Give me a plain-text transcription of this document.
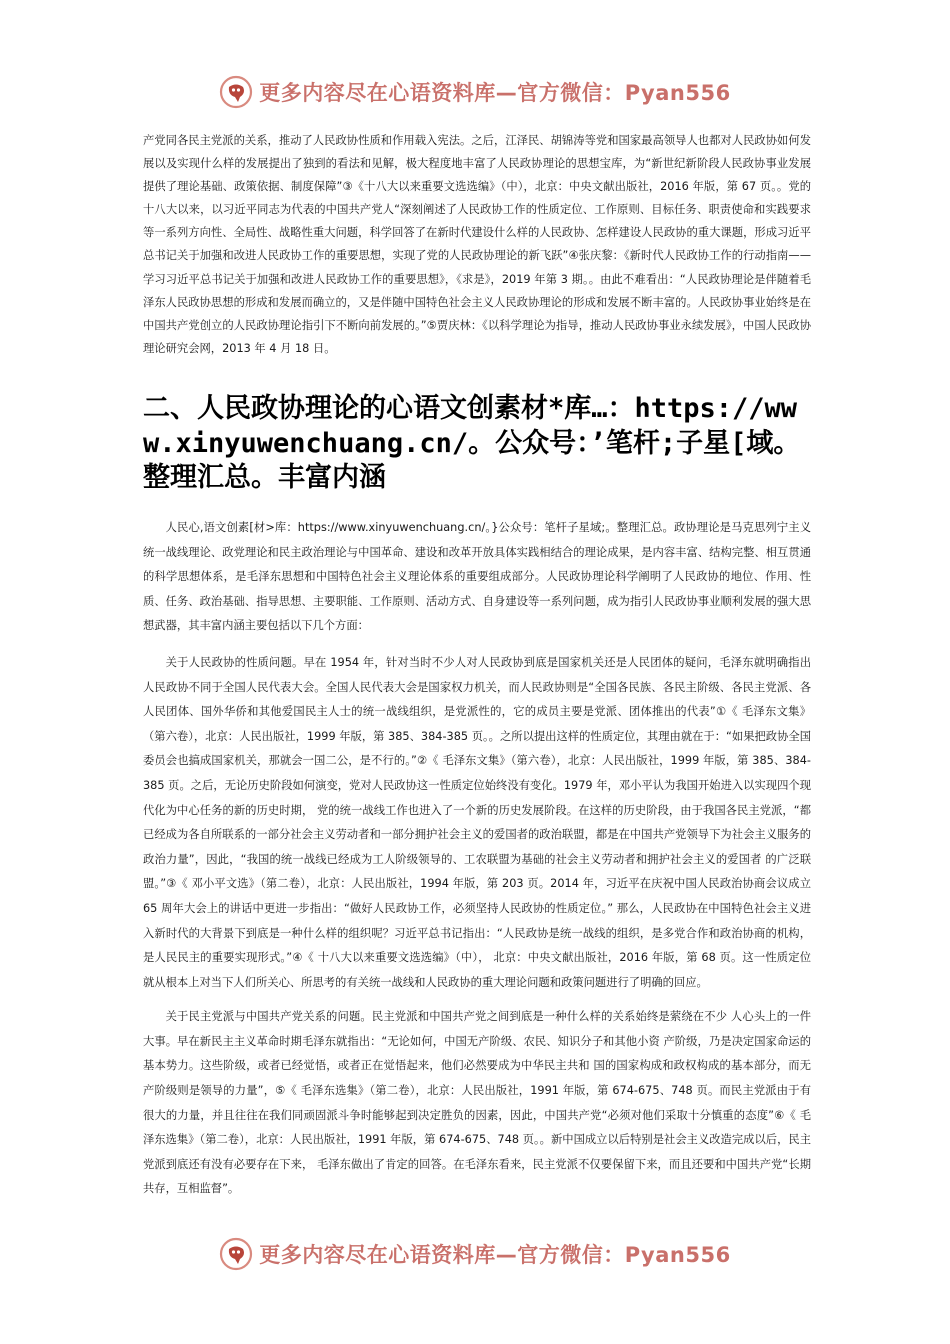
更多内容尽在心语资料库—官方微信：Pyan556

产党同各民主党派的关系，推动了人民政协性质和作用载入宪法。之后，江泽民、胡锦涛等党和国家最高领导人也都对人民政协如何发展以及实现什么样的发展提出了独到的看法和见解，极大程度地丰富了人民政协理论的思想宝库，为“新世纪新阶段人民政协事业发展提供了理论基础、政策依据、制度保障”③《十八大以来重要文选选编》（中），北京：中央文献出版社，2016 年版，第 67 页。。党的十八大以来，以习近平同志为代表的中国共产党人“深刻阐述了人民政协工作的性质定位、工作原则、目标任务、职责使命和实践要求等一系列方向性、全局性、战略性重大问题，科学回答了在新时代建设什么样的人民政协、怎样建设人民政协的重大课题，形成习近平总书记关于加强和改进人民政协工作的重要思想，实现了党的人民政协理论的新飞跃”④张庆黎：《新时代人民政协工作的行动指南——学习习近平总书记关于加强和改进人民政协工作的重要思想》，《求是》，2019 年第 3 期。。由此不难看出：“人民政协理论是伴随着毛泽东人民政协思想的形成和发展而确立的，又是伴随中国特色社会主义人民政协理论的形成和发展不断丰富的。人民政协事业始终是在中国共产党创立的人民政协理论指引下不断向前发展的。”⑤贾庆林：《以科学理论为指导，推动人民政协事业永续发展》，中国人民政协理论研究会网，2013 年 4 月 18 日。

二、人民政协理论的心语文创素材*库…：https://www.xinyuwenchuang.cn/。公众号：’笔杆;子星[域。整理汇总。丰富内涵

人民心,语文创素[材>库：https://www.xinyuwenchuang.cn/。}公众号：笔杆子星域;。整理汇总。政协理论是马克思列宁主义统一战线理论、政党理论和民主政治理论与中国革命、建设和改革开放具体实践相结合的理论成果，是内容丰富、结构完整、相互贯通的科学思想体系，是毛泽东思想和中国特色社会主义理论体系的重要组成部分。人民政协理论科学阐明了人民政协的地位、作用、性质、任务、政治基础、指导思想、主要职能、工作原则、活动方式、自身建设等一系列问题，成为指引人民政协事业顺利发展的强大思想武器，其丰富内涵主要包括以下几个方面：

关于人民政协的性质问题。早在 1954 年，针对当时不少人对人民政协到底是国家机关还是人民团体的疑问，毛泽东就明确指出人民政协不同于全国人民代表大会。全国人民代表大会是国家权力机关，而人民政协则是“全国各民族、各民主阶级、各民主党派、各人民团体、国外华侨和其他爱国民主人士的统一战线组织，是党派性的，它的成员主要是党派、团体推出的代表”①《 毛泽东文集》（第六卷），北京：人民出版社，1999 年版，第 385、384-385 页。。之所以提出这样的性质定位，其理由就在于：“如果把政协全国委员会也搞成国家机关，那就会一国二公，是不行的。”②《 毛泽东文集》（第六卷），北京：人民出版社，1999 年版，第 385、384-385 页。之后，无论历史阶段如何演变，党对人民政协这一性质定位始终没有变化。1979 年，邓小平认为我国开始进入以实现四个现代化为中心任务的新的历史时期， 党的统一战线工作也进入了一个新的历史发展阶段。在这样的历史阶段，由于我国各民主党派，“都已经成为各自所联系的一部分社会主义劳动者和一部分拥护社会主义的爱国者的政治联盟，都是在中国共产党领导下为社会主义服务的政治力量”，因此，“我国的统一战线已经成为工人阶级领导的、工农联盟为基础的社会主义劳动者和拥护社会主义的爱国者 的广泛联盟。”③《 邓小平文选》（第二卷），北京：人民出版社，1994 年版，第 203 页。2014 年，习近平在庆祝中国人民政治协商会议成立 65 周年大会上的讲话中更进一步指出：“做好人民政协工作，必须坚持人民政协的性质定位。” 那么，人民政协在中国特色社会主义进入新时代的大背景下到底是一种什么样的组织呢？习近平总书记指出：“人民政协是统一战线的组织，是多党合作和政治协商的机构，是人民民主的重要实现形式。”④《 十八大以来重要文选选编》（中）， 北京：中央文献出版社，2016 年版，第 68 页。这一性质定位就从根本上对当下人们所关心、所思考的有关统一战线和人民政协的重大理论问题和政策问题进行了明确的回应。

关于民主党派与中国共产党关系的问题。民主党派和中国共产党之间到底是一种什么样的关系始终是萦绕在不少 人心头上的一件大事。早在新民主主义革命时期毛泽东就指出：“无论如何，中国无产阶级、农民、知识分子和其他小资 产阶级，乃是决定国家命运的基本势力。这些阶级，或者已经觉悟，或者正在觉悟起来，他们必然要成为中华民主共和 国的国家构成和政权构成的基本部分，而无产阶级则是领导的力量”，⑤《 毛泽东选集》（第二卷），北京：人民出版社，1991 年版，第 674-675、748 页。而民主党派由于有很大的力量，并且往往在我们同顽固派斗争时能够起到决定胜负的因素，因此，中国共产党“必须对他们采取十分慎重的态度”⑥《 毛泽东选集》（第二卷），北京：人民出版社，1991 年版，第 674-675、748 页。。新中国成立以后特别是社会主义改造完成以后，民主党派到底还有没有必要存在下来， 毛泽东做出了肯定的回答。在毛泽东看来，民主党派不仅要保留下来，而且还要和中国共产党“长期共存，互相监督”。

更多内容尽在心语资料库—官方微信：Pyan556
